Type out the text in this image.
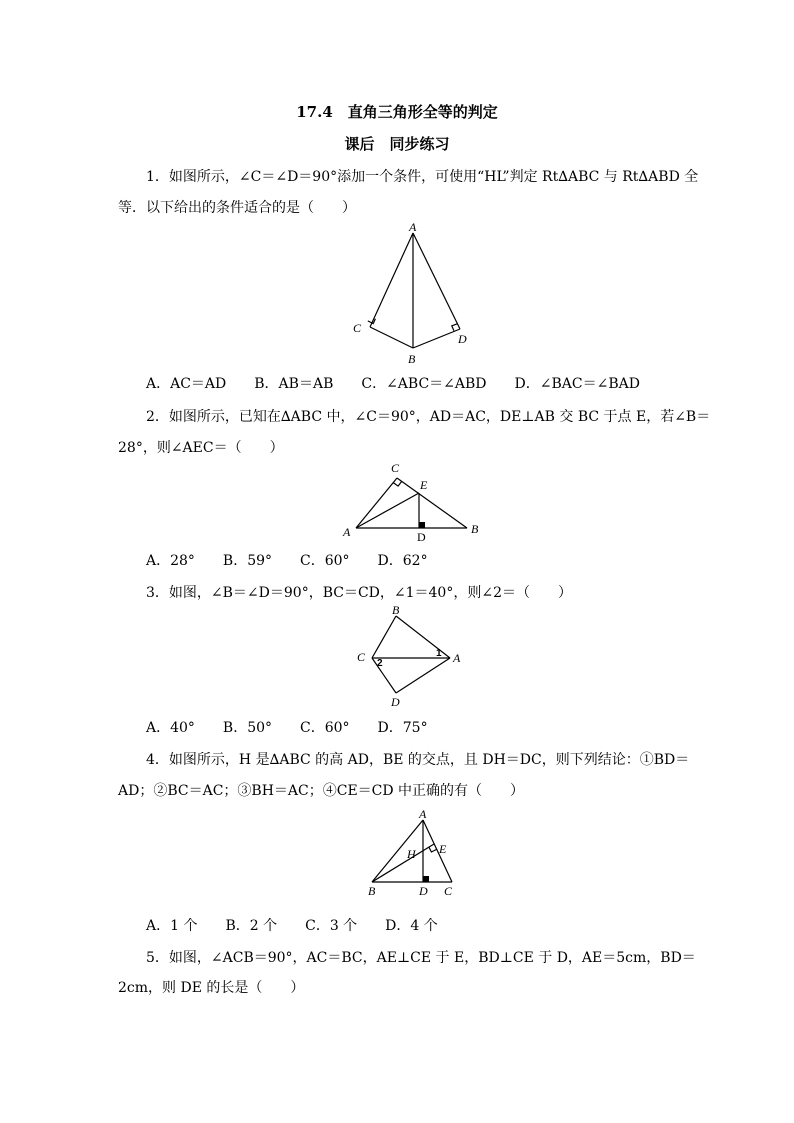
17.4　直角三角形全等的判定
课后　同步练习
1．如图所示，∠C＝∠D＝90°添加一个条件，可使用“HL”判定 Rt∆ABC 与 Rt∆ABD 全
等．以下给出的条件适合的是（　　）
A
B
C
D
A．AC＝AD　　B．AB＝AB　　C．∠ABC＝∠ABD　　D．∠BAC＝∠BAD
2．如图所示，已知在∆ABC 中，∠C＝90°，AD＝AC，DE⊥AB 交 BC 于点 E，若∠B＝
28°，则∠AEC＝（　　）
C
E
A	B
D
A．28°　　B．59°　　C．60°　　D．62°
3．如图，∠B＝∠D＝90°，BC＝CD，∠1＝40°，则∠2＝（　　）
B
C	A
D
1
2
A．40°　　B．50°　　C．60°　　D．75°
4．如图所示，H 是∆ABC 的高 AD，BE 的交点，且 DH＝DC，则下列结论：①BD＝
AD；②BC＝AC；③BH＝AC；④CE＝CD 中正确的有（　　）
A
H E
B	D C
A．1 个　　B．2 个　　C．3 个　　D．4 个
5．如图，∠ACB＝90°，AC＝BC，AE⊥CE 于 E，BD⊥CE 于 D，AE＝5cm，BD＝
2cm，则 DE 的长是（　　）
